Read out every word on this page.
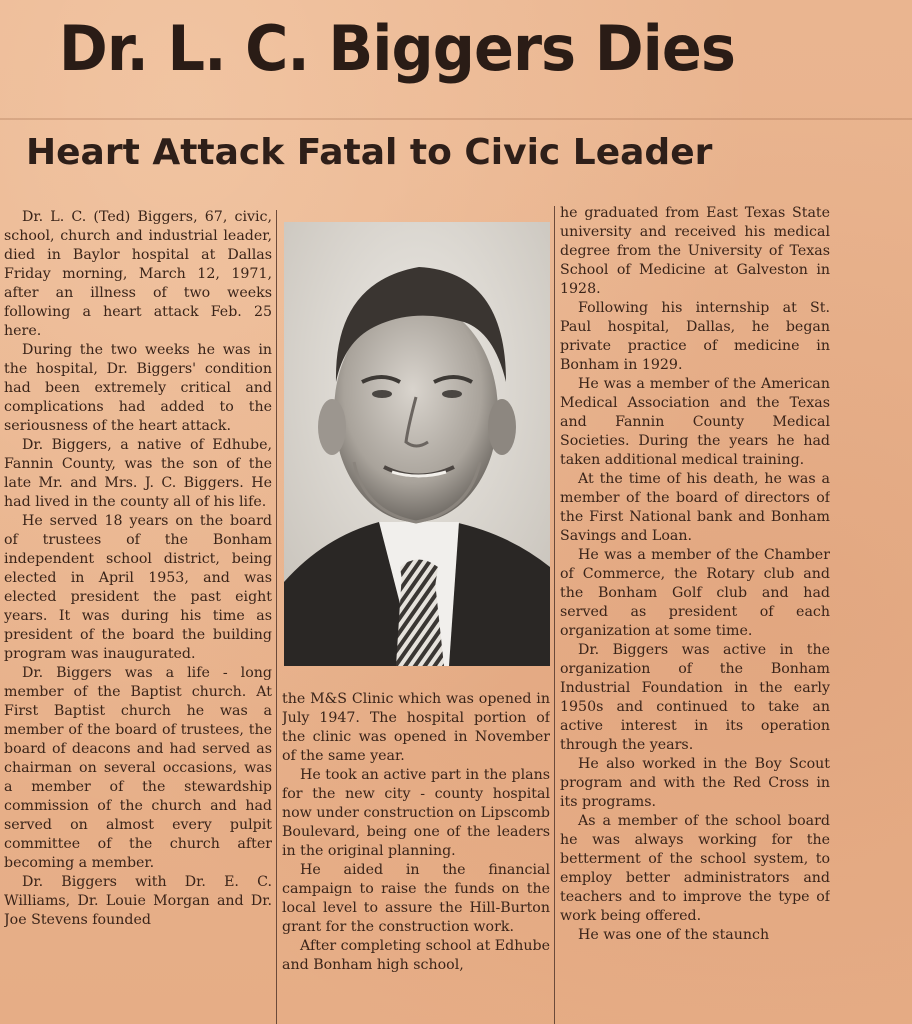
Dr. L. C. Biggers Dies
Heart Attack Fatal to Civic Leader

Dr. L. C. (Ted) Biggers, 67, civic, school, church and industrial leader, died in Baylor hospital at Dallas Friday morning, March 12, 1971, after an illness of two weeks following a heart attack Feb. 25 here.

During the two weeks he was in the hospital, Dr. Biggers' condition had been extremely critical and complications had added to the seriousness of the heart attack.

Dr. Biggers, a native of Edhube, Fannin County, was the son of the late Mr. and Mrs. J. C. Biggers. He had lived in the county all of his life.

He served 18 years on the board of trustees of the Bonham independent school district, being elected in April 1953, and was elected president the past eight years. It was during his time as president of the board the building program was inaugurated.

Dr. Biggers was a life - long member of the Baptist church. At First Baptist church he was a member of the board of trustees, the board of deacons and had served as chairman on several occasions, was a member of the stewardship commission of the church and had served on almost every pulpit committee of the church after becoming a member.

Dr. Biggers with Dr. E. C. Williams, Dr. Louie Morgan and Dr. Joe Stevens founded

the M&S Clinic which was opened in July 1947. The hospital portion of the clinic was opened in November of the same year.

He took an active part in the plans for the new city - county hospital now under construction on Lipscomb Boulevard, being one of the leaders in the original planning.

He aided in the financial campaign to raise the funds on the local level to assure the Hill-Burton grant for the construction work.

After completing school at Edhube and Bonham high school,

he graduated from East Texas State university and received his medical degree from the University of Texas School of Medicine at Galveston in 1928.

Following his internship at St. Paul hospital, Dallas, he began private practice of medicine in Bonham in 1929.

He was a member of the American Medical Association and the Texas and Fannin County Medical Societies. During the years he had taken additional medical training.

At the time of his death, he was a member of the board of directors of the First National bank and Bonham Savings and Loan.

He was a member of the Chamber of Commerce, the Rotary club and the Bonham Golf club and had served as president of each organization at some time.

Dr. Biggers was active in the organization of the Bonham Industrial Foundation in the early 1950s and continued to take an active interest in its operation through the years.

He also worked in the Boy Scout program and with the Red Cross in its programs.

As a member of the school board he was always working for the betterment of the school system, to employ better administrators and teachers and to improve the type of work being offered.

He was one of the staunch
